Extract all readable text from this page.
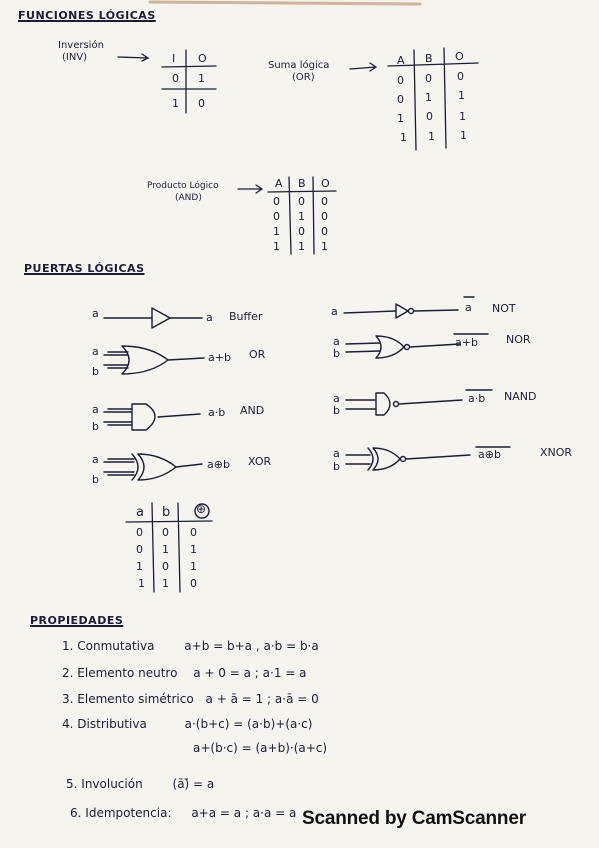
FUNCIONES LÓGICAS
PUERTAS LÓGICAS
PROPIEDADES
Inversión
(INV)	I O
0 1
1 0
Suma lógica
(OR)
A B O
0 0 0
0 1 1
1 0 1
1 1 1
Producto Lógico
(AND)
A B O
0 0 0
0 1 0
1 0 0
1 1 1
a	a Buffer
a
b
a+b OR
a
b
a·b AND
a
b
a⊕b XOR
a	a NOT
a
b
a+b	NOR
a
b
a·b NAND
a
b
a⊕b	XNOR
a b ⊕
0 0 0
0 1 1
1 0 1
1 1 0
1. Conmutativa a+b = b+a , a·b = b·a
2. Elemento neutro a + 0 = a ; a·1 = a
3. Elemento simétrico a + ā = 1 ; a·ā = 0
4. Distributiva	a·(b+c) = (a·b)+(a·c)
a+(b·c) = (a+b)·(a+c)
5. Involución (ā)̄ = a
6. Idempotencia: a+a = a ; a·a = a Scanned by CamScanner
